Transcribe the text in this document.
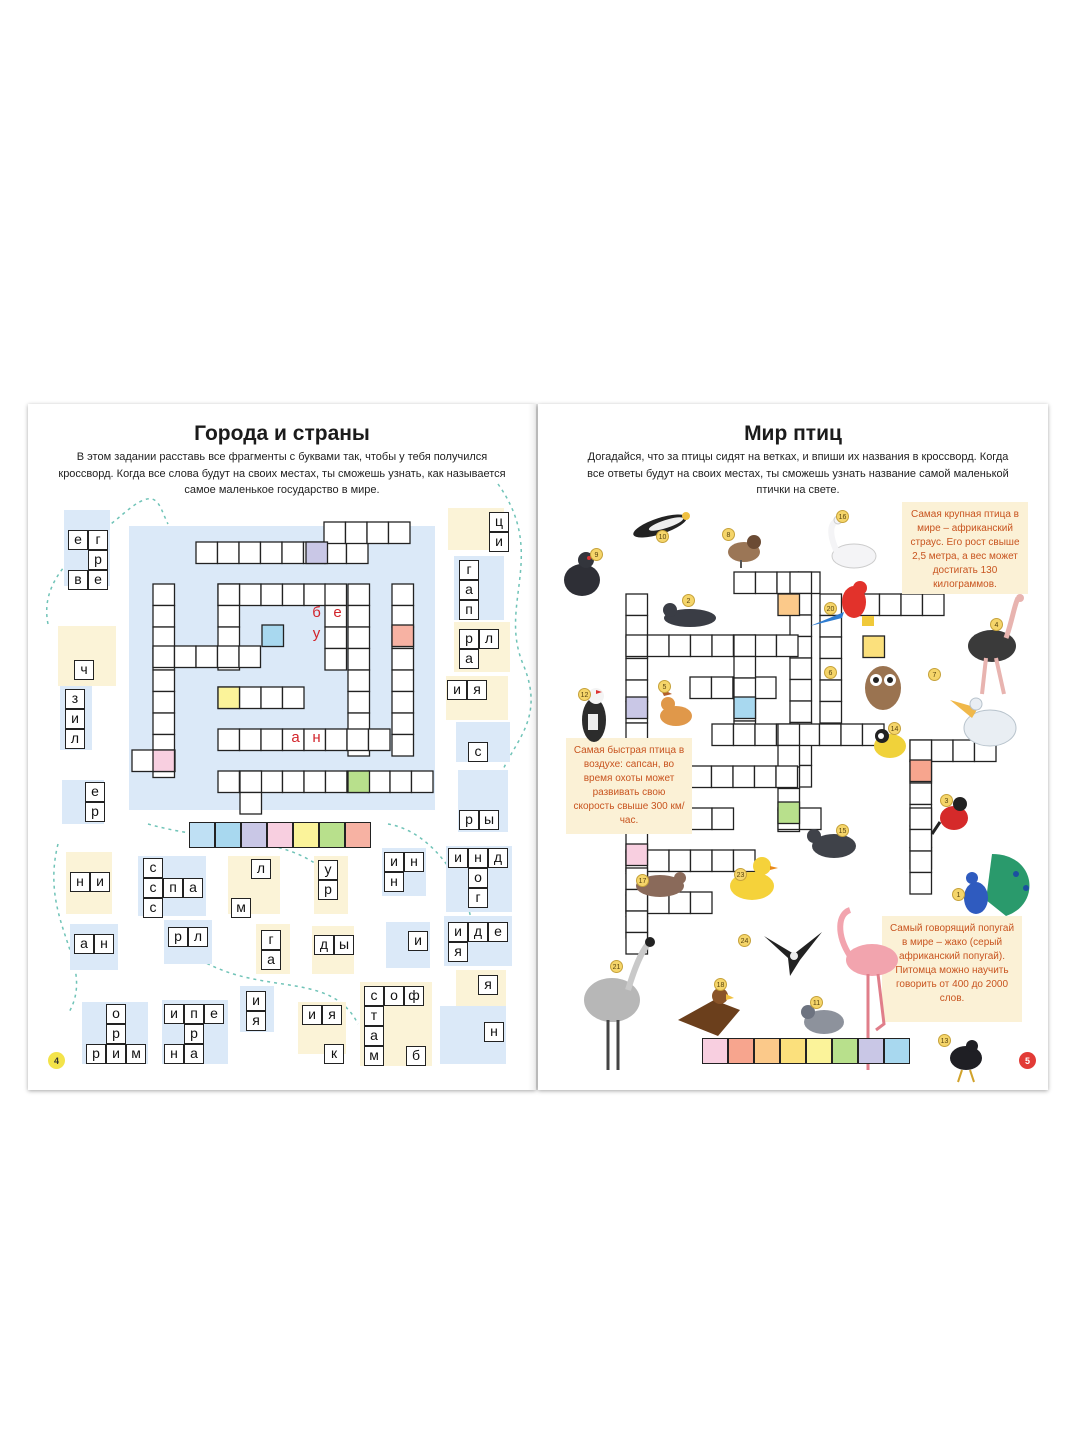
Города и страны
В этом задании расставь все фрагменты с буквами так, чтобы у тебя получился кроссворд. Когда все слова будут на своих местах, ты сможешь узнать, как называется самое маленькое государство в мире.
б е
у
а н
е г
р
в е
ц
и
г
а
п
р л
а
ч
з
и
л
и я
с
е
р	р ы
н и
с
с п а
с
л
м
у
р
и н
н
и н д
о
г
а н	р л	г
а
д ы	и
и д е
я
я
о
р
р и м
и п е
р
н а
и
я	и я
к
с о ф
т
а
м	б
н
4
Мир птиц
Догадайся, что за птицы сидят на ветках, и впиши их названия в кроссворд. Когда все ответы будут на своих местах, ты сможешь узнать название самой маленькой птички на свете.
Самая крупная птица в мире – африканский страус. Его рост свыше 2,5 метра, а вес может достигать 130 килограммов.
Самая быстрая птица в воздухе: сапсан, во время охоты может развивать свою скорость свыше 300 км/час.
Самый говорящий попугай в мире – жако (серый африканский попугай). Питомца можно научить говорить от 400 до 2000 слов.
10	8
9
16
2
20
4
6	7
12
5
14
3
15
1
23
17
24
21
18
11
13
5
